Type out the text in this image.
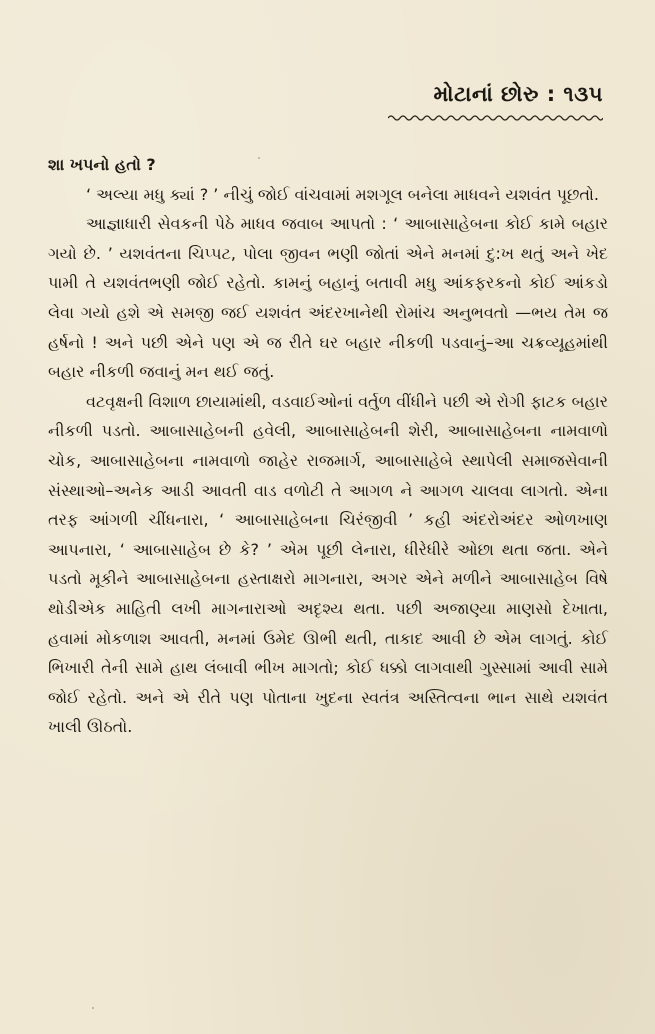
મોટાનાં છોરુ : ૧૩૫

શા ખપનો હતો ?

‘ અલ્યા મધુ ક્યાં ? ’ નીચું જોઈ વાંચવામાં મશગૂલ બનેલા માધવને યશવંત પૂછતો.

આજ્ઞાધારી સેવકની પેઠે માધવ જવાબ આપતો : ‘ આબાસાહેબના કોઈ કામે બહાર ગયો છે. ’ યશવંતના ચિપ્પટ, પોલા જીવન ભણી જોતાં એને મનમાં દુ:ખ થતું અને ખેદ પામી તે યશવંતભણી જોઈ રહેતો. કામનું બહાનું બતાવી મધુ આંકફરકનો કોઈ આંકડો લેવા ગયો હશે એ સમજી જઈ યશવંત અંદરખાનેથી રોમાંચ અનુભવતો —ભય તેમ જ હર્ષનો ! અને પછી એને પણ એ જ રીતે ઘર બહાર નીકળી પડવાનું–આ ચક્રવ્યૂહમાંથી બહાર નીકળી જવાનું મન થઈ જતું.

વટવૃક્ષની વિશાળ છાયામાંથી, વડવાઈઓનાં વર્તુળ વીંધીને પછી એ રોગી ફાટક બહાર નીકળી પડતો. આબાસાહેબની હવેલી, આબાસાહેબની શેરી, આબાસાહેબના નામવાળો ચોક, આબાસાહેબના નામવાળો જાહેર રાજમાર્ગ, આબાસાહેબે સ્થાપેલી સમાજસેવાની સંસ્થાઓ–અનેક આડી આવતી વાડ વળોટી તે આગળ ને આગળ ચાલવા લાગતો. એના તરફ આંગળી ચીંધનારા, ‘ આબાસાહેબના ચિરંજીવી ’ કહી અંદરોઅંદર ઓળખાણ આપનારા, ‘ આબાસાહેબ છે કે? ’ એમ પૂછી લેનારા, ધીરેધીરે ઓછા થતા જતા. એને પડતો મૂકીને આબાસાહેબના હસ્તાક્ષરો માગનારા, અગર એને મળીને આબાસાહેબ વિષે થોડીએક માહિતી લખી માગનારાઓ અદૃશ્ય થતા. પછી અજાણ્યા માણસો દેખાતા, હવામાં મોકળાશ આવતી, મનમાં ઉમેદ ઊભી થતી, તાકાદ આવી છે એમ લાગતું. કોઈ ભિખારી તેની સામે હાથ લંબાવી ભીખ માગતો; કોઈ ધક્કો લાગવાથી ગુસ્સામાં આવી સામે જોઈ રહેતો. અને એ રીતે પણ પોતાના ખુદના સ્વતંત્ર અસ્તિત્વના ભાન સાથે યશવંત ખાલી ઊઠતો.
